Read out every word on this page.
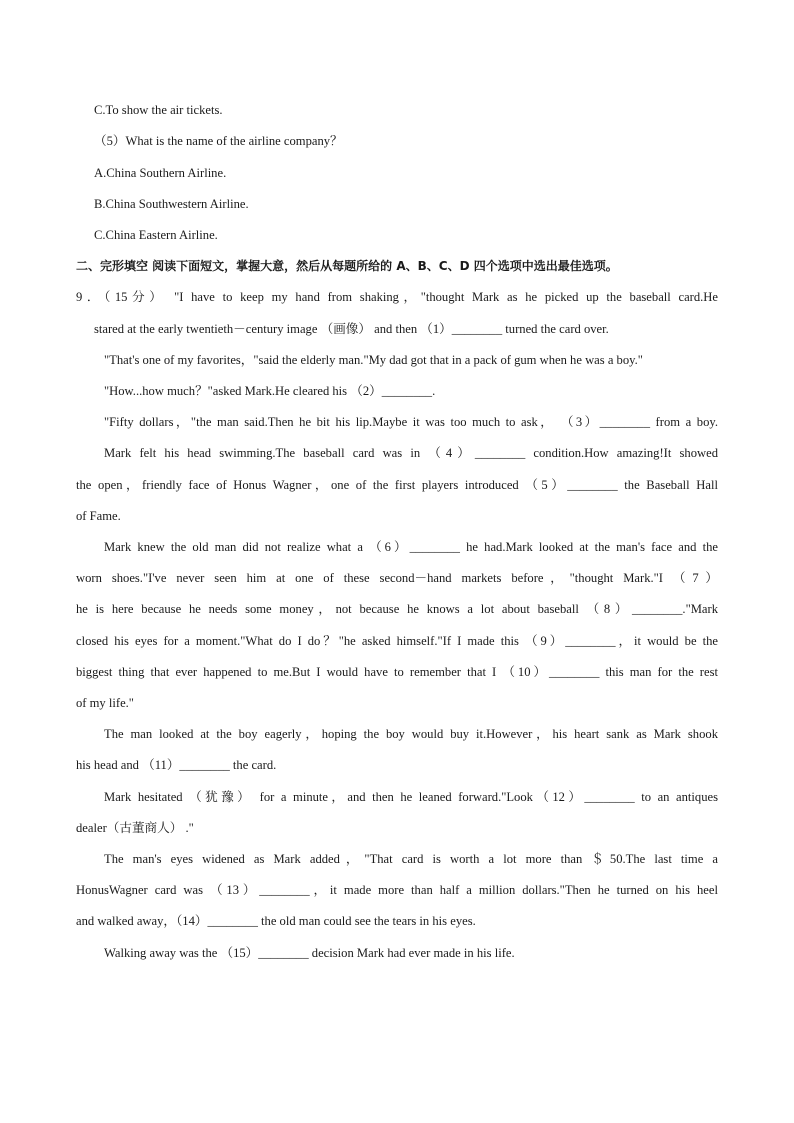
C.To show the air tickets.
（5）What is the name of the airline company？
A.China Southern Airline.
B.China Southwestern Airline.
C.China Eastern Airline.
二、完形填空 阅读下面短文，掌握大意，然后从每题所给的 A、B、C、D 四个选项中选出最佳选项。
9．（15分） "I have to keep my hand from shaking，"thought Mark as he picked up the baseball card.He
stared at the early twentieth－century image （画像） and then （1）________ turned the card over.
"That's one of my favorites，"said the elderly man."My dad got that in a pack of gum when he was a boy."
"How...how much？"asked Mark.He cleared his （2）________.
"Fifty dollars，"the man said.Then he bit his lip.Maybe it was too much to ask， （3）________ from a boy.
Mark felt his head swimming.The baseball card was in （4）________ condition.How amazing!It showed
the open，friendly face of Honus Wagner，one of the first players introduced （5）________ the Baseball Hall
of Fame.
Mark knew the old man did not realize what a （6）________ he had.Mark looked at the man's face and the
worn shoes."I've never seen him at one of these second－hand markets before，"thought Mark."I （7）
he is here because he needs some money，not because he knows a lot about baseball （8）________."Mark
closed his eyes for a moment."What do I do？"he asked himself."If I made this （9）________，it would be the
biggest thing that ever happened to me.But I would have to remember that I （10）________ this man for the rest
of my life."
The man looked at the boy eagerly，hoping the boy would buy it.However，his heart sank as Mark shook
his head and （11）________ the card.
Mark hesitated （犹豫） for a minute，and then he leaned forward."Look（12）________ to an antiques
dealer（古董商人） ."
The man's eyes widened as Mark added，"That card is worth a lot more than ＄50.The last time a
HonusWagner card was （13）________，it made more than half a million dollars."Then he turned on his heel
and walked away，（14）________ the old man could see the tears in his eyes.
Walking away was the （15）________ decision Mark had ever made in his life.
